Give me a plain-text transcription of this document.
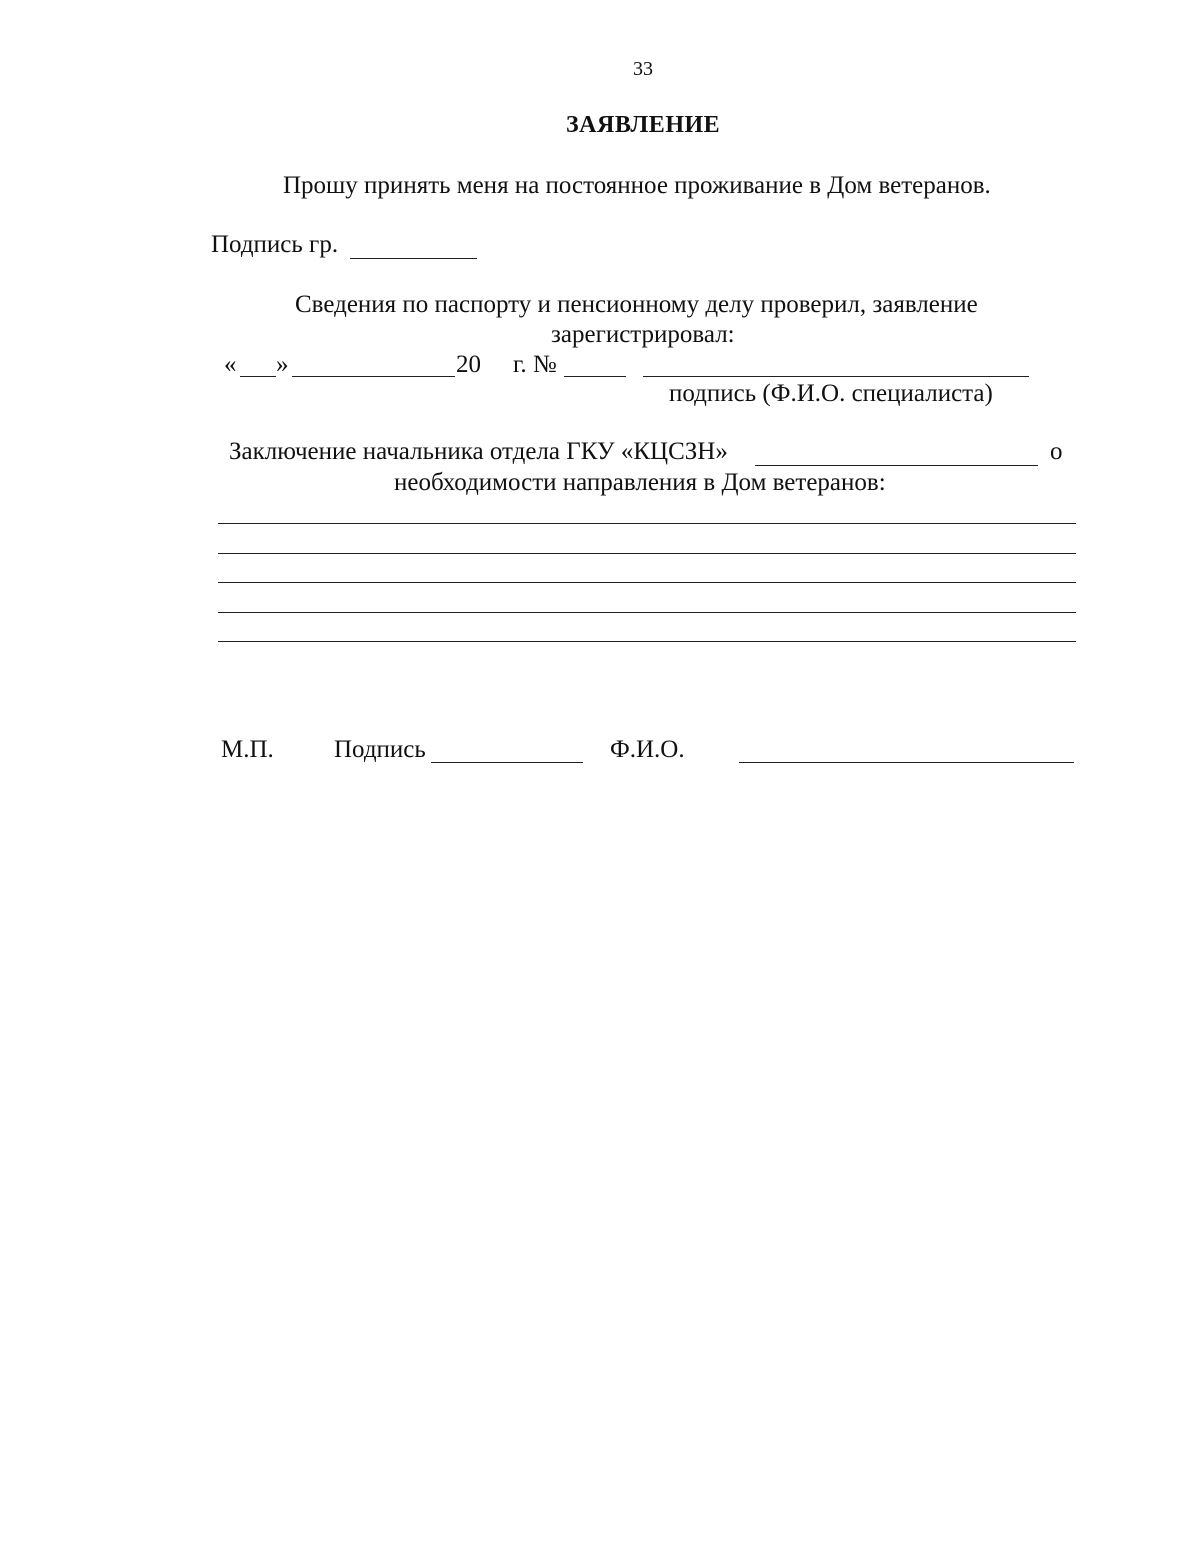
33
ЗАЯВЛЕНИЕ
Прошу принять меня на постоянное проживание в Дом ветеранов.
Подпись гр.
Сведения по паспорту и пенсионному делу проверил, заявление
зарегистрировал:
« »	20 г. №
подпись (Ф.И.О. специалиста)
Заключение начальника отдела ГКУ «КЦСЗН»	о
необходимости направления в Дом ветеранов:
М.П. Подпись	Ф.И.О.
